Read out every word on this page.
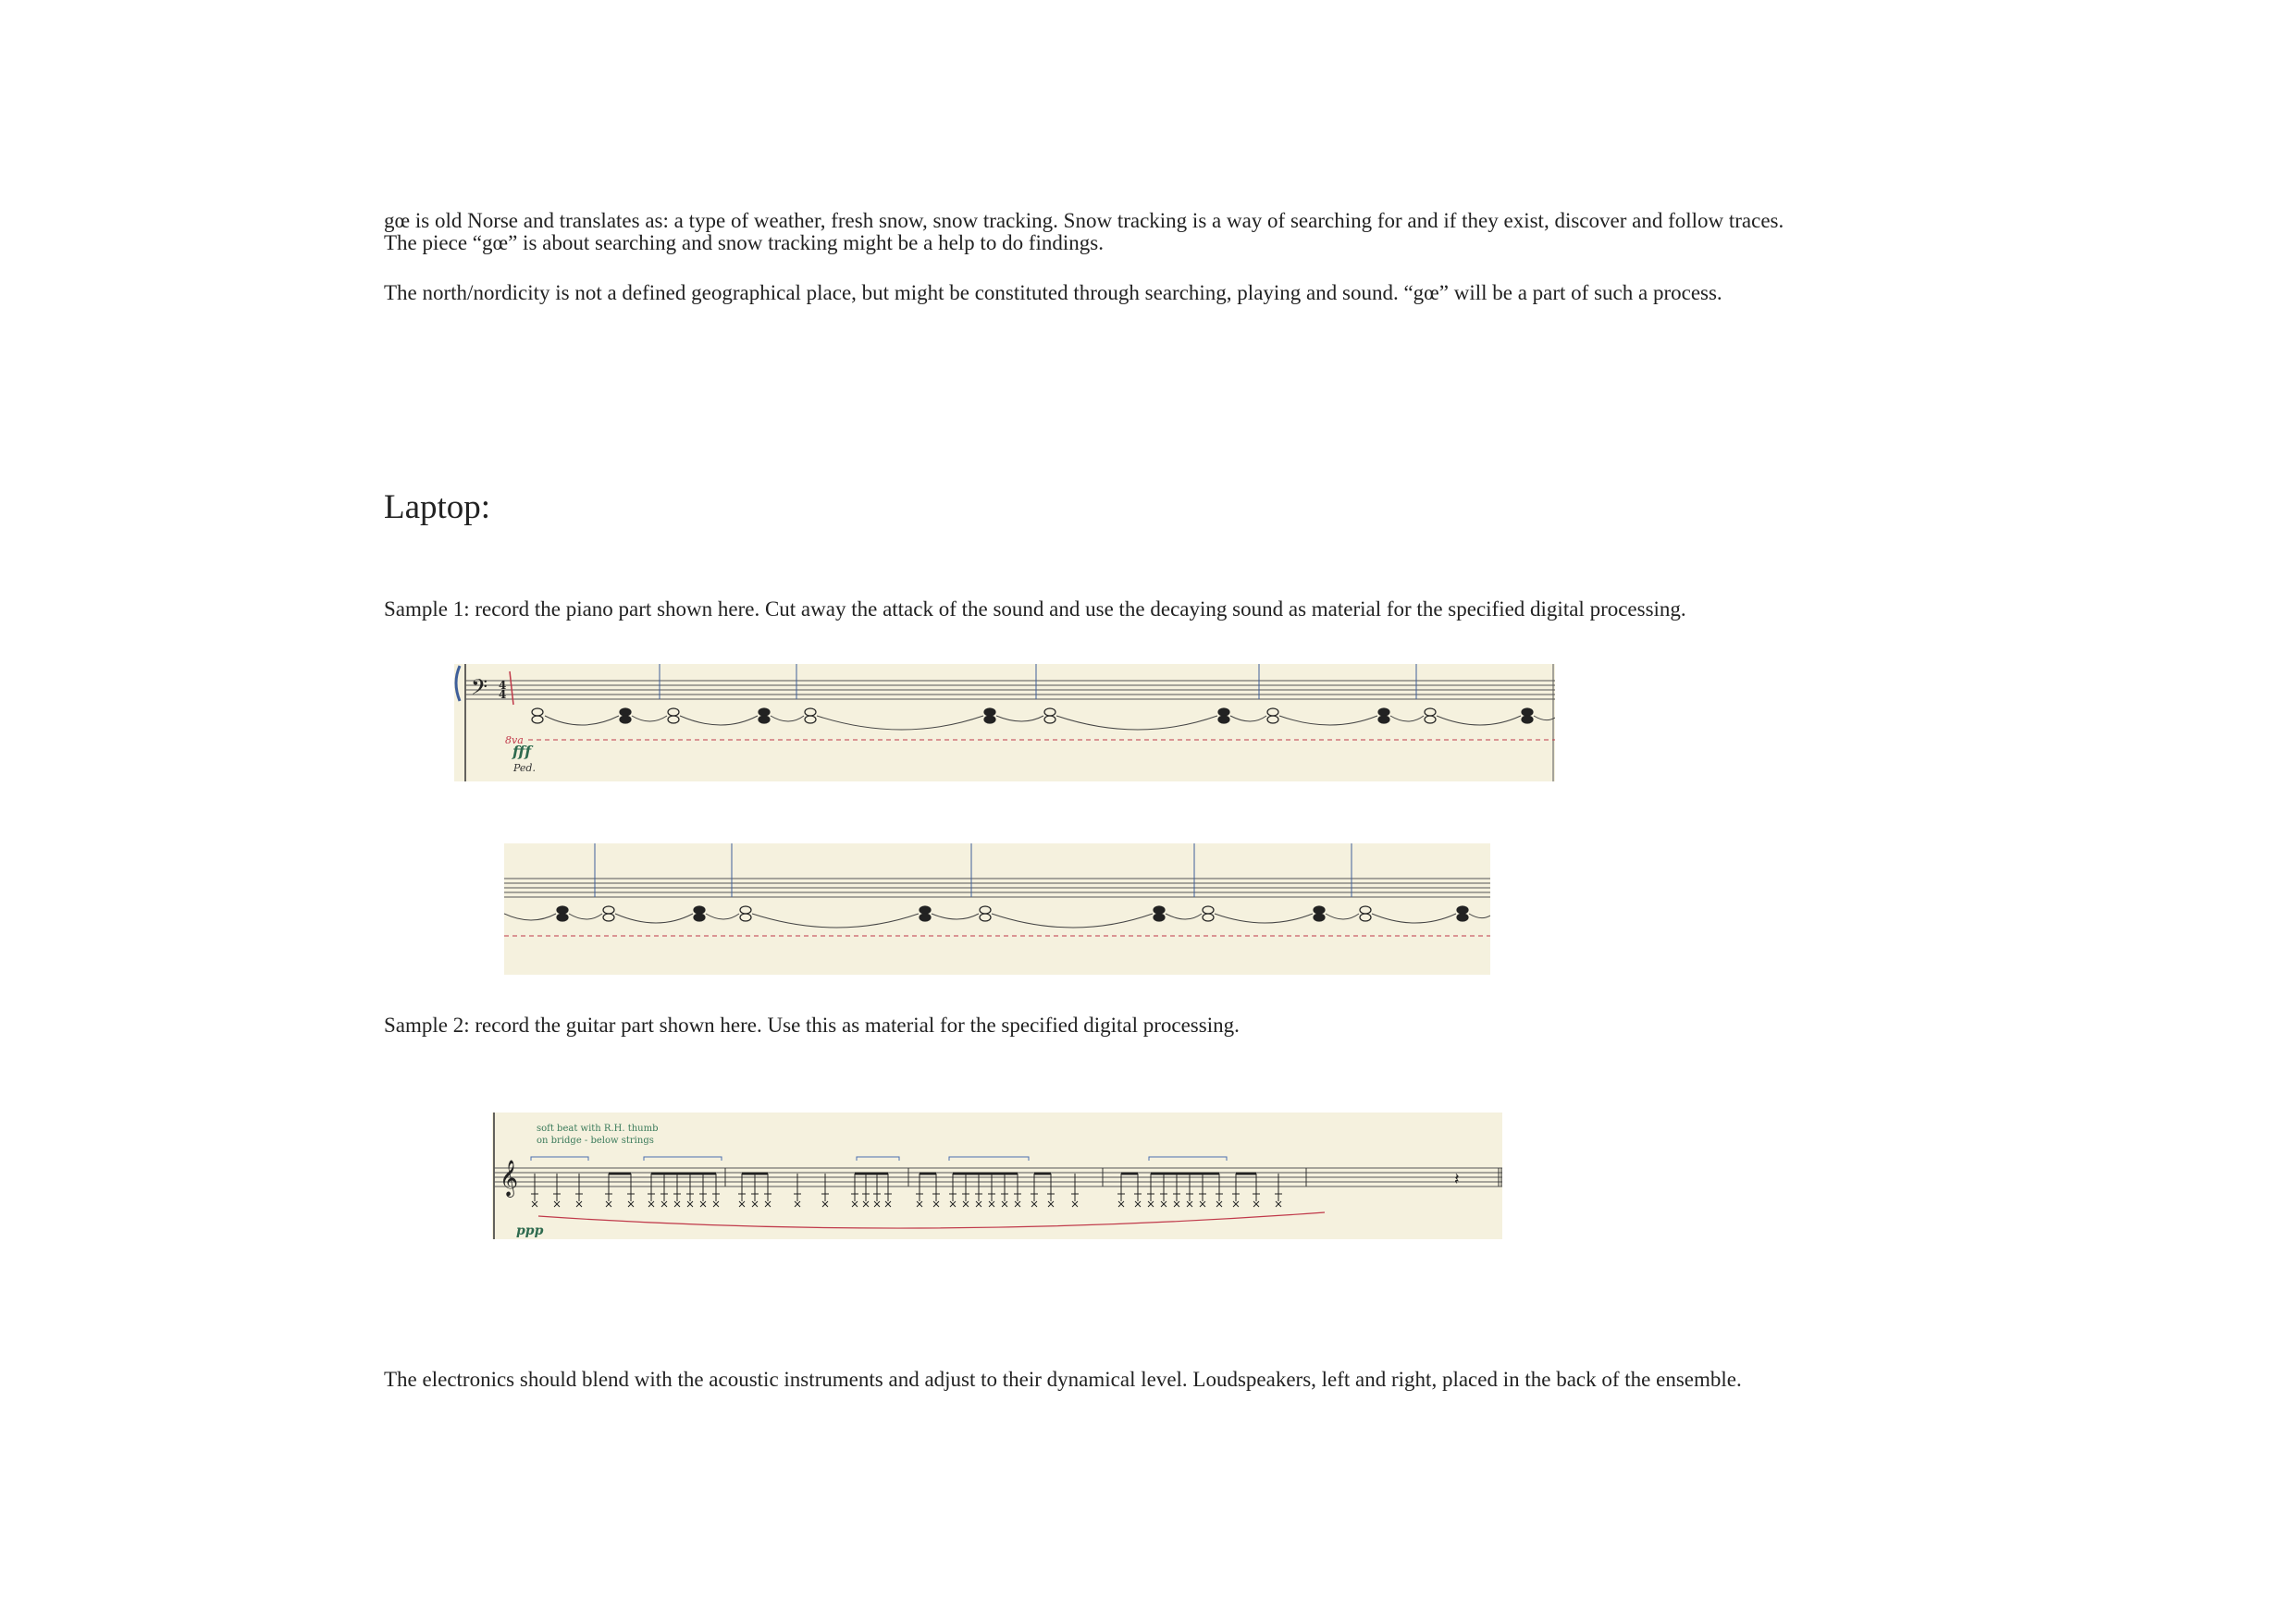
gœ is old Norse and translates as: a type of weather, fresh snow, snow tracking. Snow tracking is a way of searching for and if they exist, discover and follow traces.

The piece “gœ” is about searching and snow tracking might be a help to do findings.

The north/nordicity is not a defined geographical place, but might be constituted through searching, playing and sound. “gœ” will be a part of such a process.

Laptop:

Sample 1: record the piano part shown here. Cut away the attack of the sound and use the decaying sound as material for the specified digital processing.

𝄢 4
4
8va
fff
Ped.

Sample 2: record the guitar part shown here. Use this as material for the specified digital processing.

soft beat with R.H. thumb
on bridge - below strings
𝄞	𝄽
ppp

The electronics should blend with the acoustic instruments and adjust to their dynamical level. Loudspeakers, left and right, placed in the back of the ensemble.
